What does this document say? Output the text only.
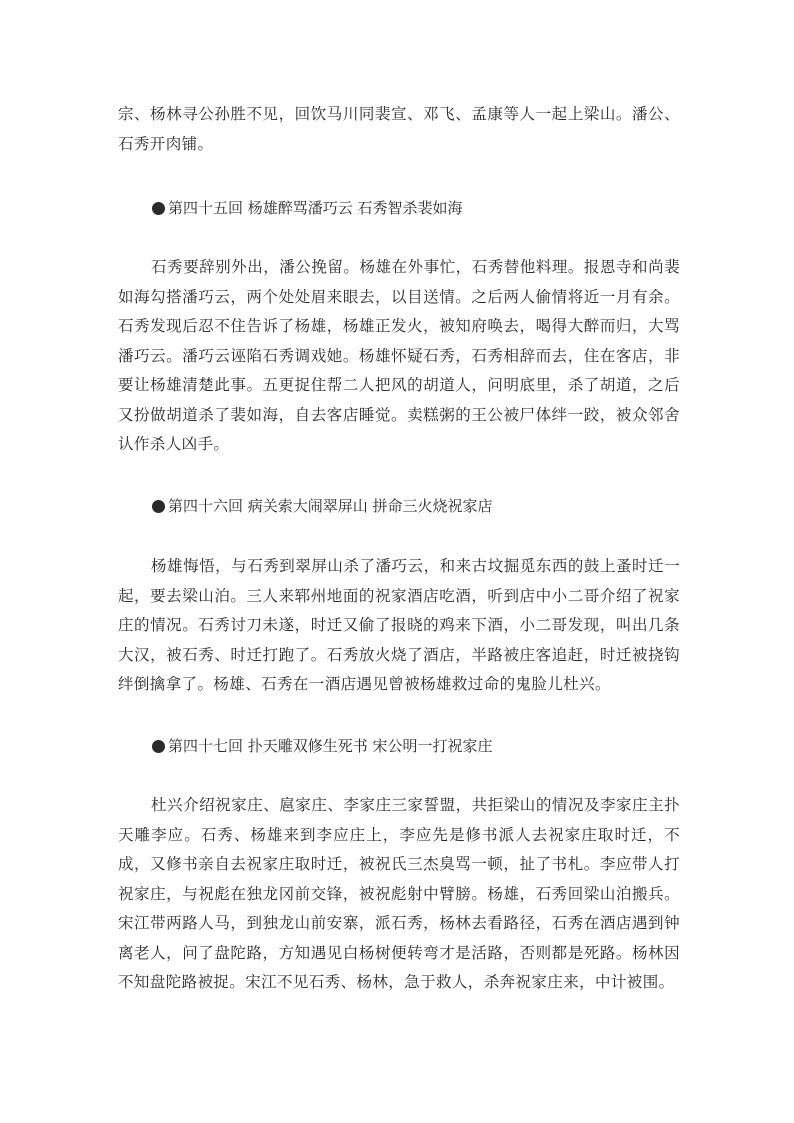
宗、杨林寻公孙胜不见，回饮马川同裴宣、邓飞、孟康等人一起上梁山。潘公、石秀开肉铺。

第四十五回 杨雄醉骂潘巧云 石秀智杀裴如海

石秀要辞别外出，潘公挽留。杨雄在外事忙，石秀替他料理。报恩寺和尚裴如海勾搭潘巧云，两个处处眉来眼去，以目送情。之后两人偷情将近一月有余。石秀发现后忍不住告诉了杨雄，杨雄正发火，被知府唤去，喝得大醉而归，大骂潘巧云。潘巧云诬陷石秀调戏她。杨雄怀疑石秀，石秀相辞而去，住在客店，非要让杨雄清楚此事。五更捉住帮二人把风的胡道人，问明底里，杀了胡道，之后又扮做胡道杀了裴如海，自去客店睡觉。卖糕粥的王公被尸体绊一跤，被众邻舍认作杀人凶手。

第四十六回 病关索大闹翠屏山 拼命三火烧祝家店

杨雄悔悟，与石秀到翠屏山杀了潘巧云，和来古坟掘觅东西的鼓上蚤时迁一起，要去梁山泊。三人来郓州地面的祝家酒店吃酒，听到店中小二哥介绍了祝家庄的情况。石秀讨刀未遂，时迁又偷了报晓的鸡来下酒，小二哥发现，叫出几条大汉，被石秀、时迁打跑了。石秀放火烧了酒店，半路被庄客追赶，时迁被挠钩绊倒擒拿了。杨雄、石秀在一酒店遇见曾被杨雄救过命的鬼脸儿杜兴。

第四十七回 扑天雕双修生死书 宋公明一打祝家庄

杜兴介绍祝家庄、扈家庄、李家庄三家誓盟，共拒梁山的情况及李家庄主扑天雕李应。石秀、杨雄来到李应庄上，李应先是修书派人去祝家庄取时迁，不成，又修书亲自去祝家庄取时迁，被祝氏三杰臭骂一顿，扯了书札。李应带人打祝家庄，与祝彪在独龙冈前交锋，被祝彪射中臂膀。杨雄，石秀回梁山泊搬兵。宋江带两路人马，到独龙山前安寨，派石秀，杨林去看路径，石秀在酒店遇到钟离老人，问了盘陀路，方知遇见白杨树便转弯才是活路，否则都是死路。杨林因不知盘陀路被捉。宋江不见石秀、杨林，急于救人，杀奔祝家庄来，中计被围。
